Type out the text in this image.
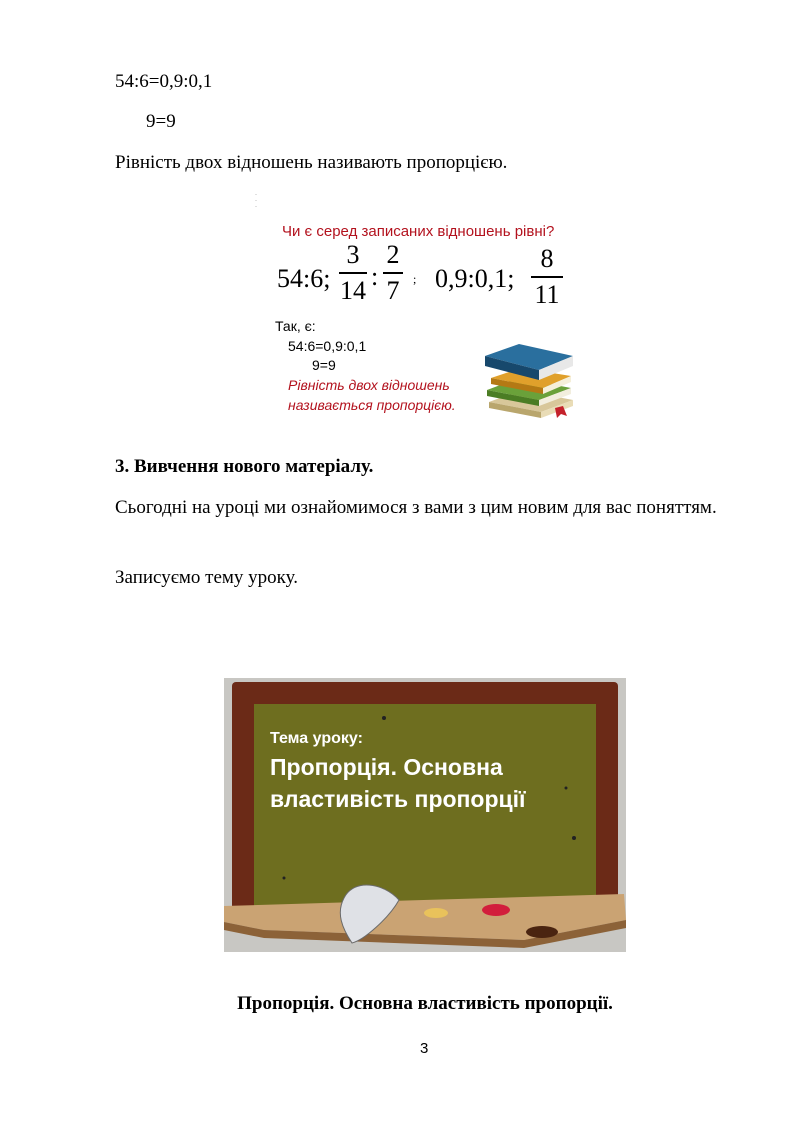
54:6=0,9:0,1
9=9
Рівність двох відношень називають пропорцією.
·
·
·
Чи є серед записаних відношень рівні?
54:6;
3
14 :
2
7 ; 0,9:0,1;
8
11
Так, є:
54:6=0,9:0,1
9=9
Рівність двох відношень
називається пропорцією.
3. Вивчення нового матеріалу.
Сьогодні на уроці ми ознайомимося з вами з цим новим для вас поняттям.
Записуємо тему уроку.
Тема уроку:
Пропорція. Основна
властивість пропорції
Пропорція. Основна властивість пропорції.
3
